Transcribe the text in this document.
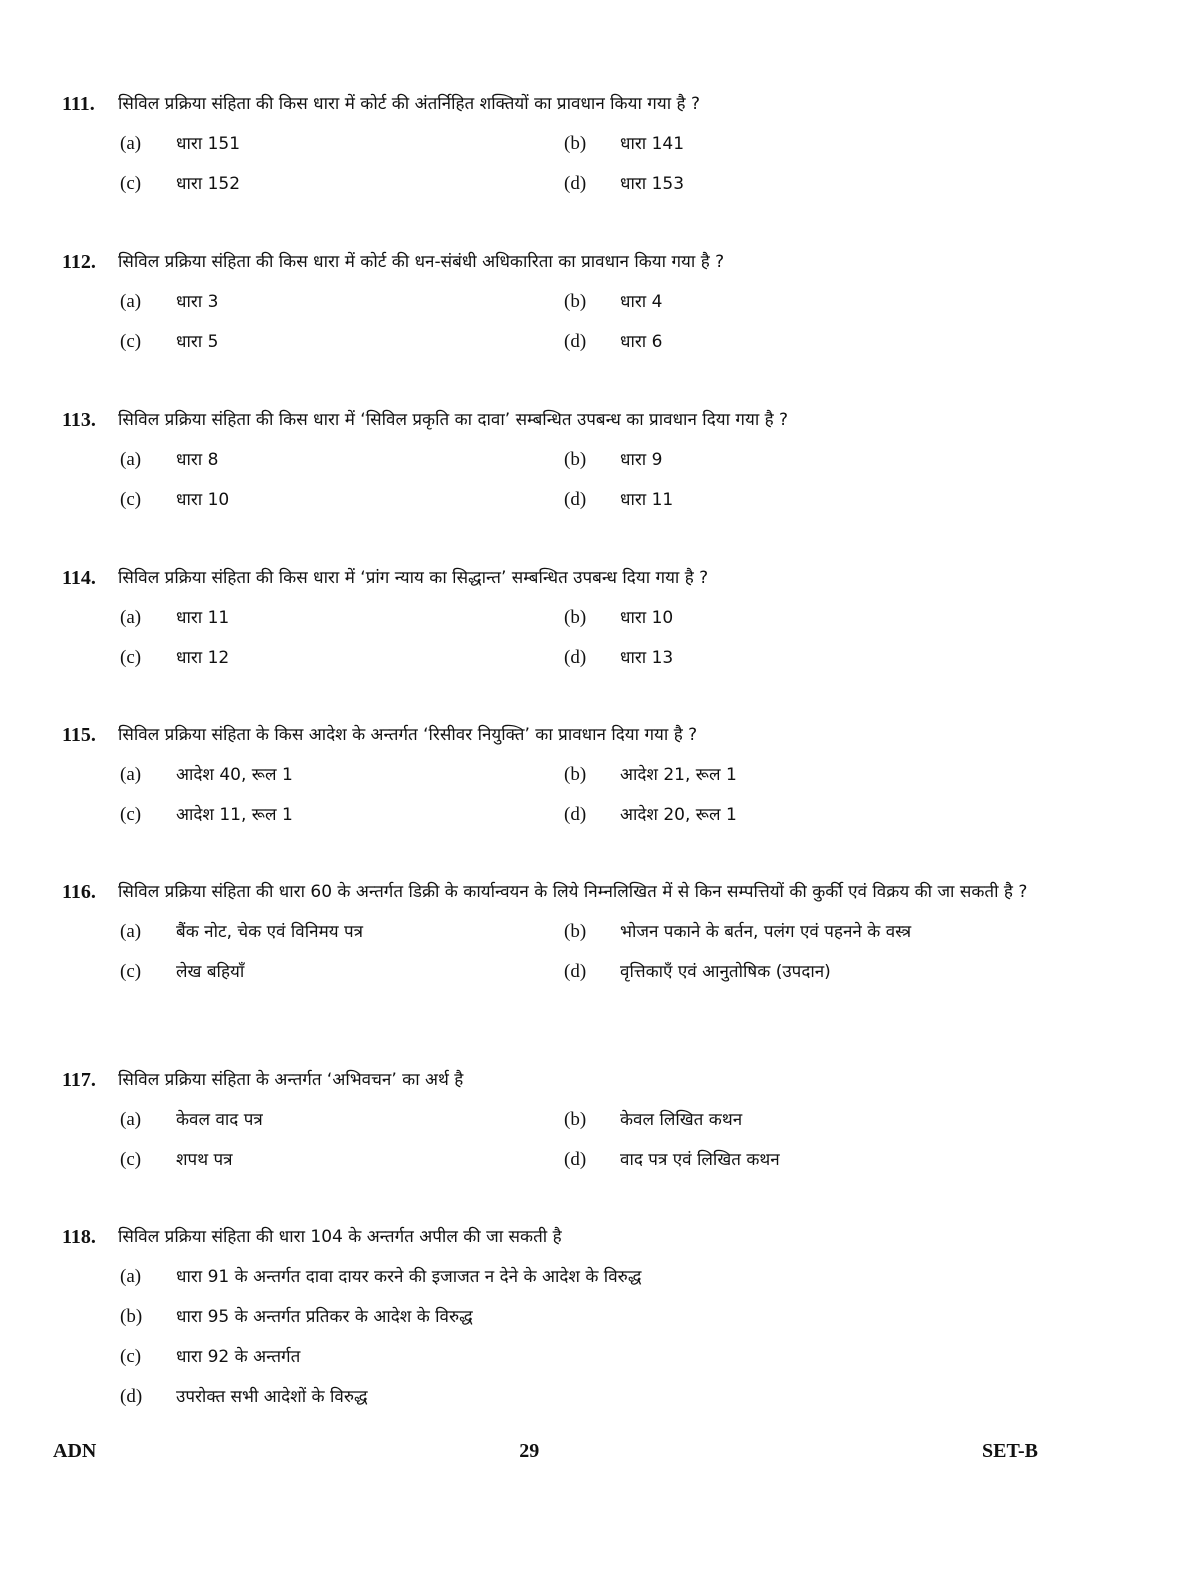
111.	सिविल प्रक्रिया संहिता की किस धारा में कोर्ट की अंतर्निहित शक्तियों का प्रावधान किया गया है ?
(a)	धारा 151	(b)	धारा 141
(c)	धारा 152	(d)	धारा 153
112.	सिविल प्रक्रिया संहिता की किस धारा में कोर्ट की धन-संबंधी अधिकारिता का प्रावधान किया गया है ?
(a)	धारा 3	(b)	धारा 4
(c)	धारा 5	(d)	धारा 6
113.	सिविल प्रक्रिया संहिता की किस धारा में ‘सिविल प्रकृति का दावा’ सम्बन्धित उपबन्ध का प्रावधान दिया गया है ?
(a)	धारा 8	(b)	धारा 9
(c)	धारा 10	(d)	धारा 11
114.	सिविल प्रक्रिया संहिता की किस धारा में ‘प्रांग न्याय का सिद्धान्त’ सम्बन्धित उपबन्ध दिया गया है ?
(a)	धारा 11	(b)	धारा 10
(c)	धारा 12	(d)	धारा 13
115.	सिविल प्रक्रिया संहिता के किस आदेश के अन्तर्गत ‘रिसीवर नियुक्ति’ का प्रावधान दिया गया है ?
(a)	आदेश 40, रूल 1	(b)	आदेश 21, रूल 1
(c)	आदेश 11, रूल 1	(d)	आदेश 20, रूल 1
116.	सिविल प्रक्रिया संहिता की धारा 60 के अन्तर्गत डिक्री के कार्यान्वयन के लिये निम्नलिखित में से किन सम्पत्तियों की कुर्की एवं विक्रय की जा सकती है ?
(a)	बैंक नोट, चेक एवं विनिमय पत्र	(b)	भोजन पकाने के बर्तन, पलंग एवं पहनने के वस्त्र
(c)	लेख बहियाँ	(d)	वृत्तिकाएँ एवं आनुतोषिक (उपदान)
117.	सिविल प्रक्रिया संहिता के अन्तर्गत ‘अभिवचन’ का अर्थ है
(a)	केवल वाद पत्र	(b)	केवल लिखित कथन
(c)	शपथ पत्र	(d)	वाद पत्र एवं लिखित कथन
118.	सिविल प्रक्रिया संहिता की धारा 104 के अन्तर्गत अपील की जा सकती है
(a)	धारा 91 के अन्तर्गत दावा दायर करने की इजाजत न देने के आदेश के विरुद्ध
(b)	धारा 95 के अन्तर्गत प्रतिकर के आदेश के विरुद्ध
(c)	धारा 92 के अन्तर्गत
(d)	उपरोक्त सभी आदेशों के विरुद्ध
ADN	29	SET-B
